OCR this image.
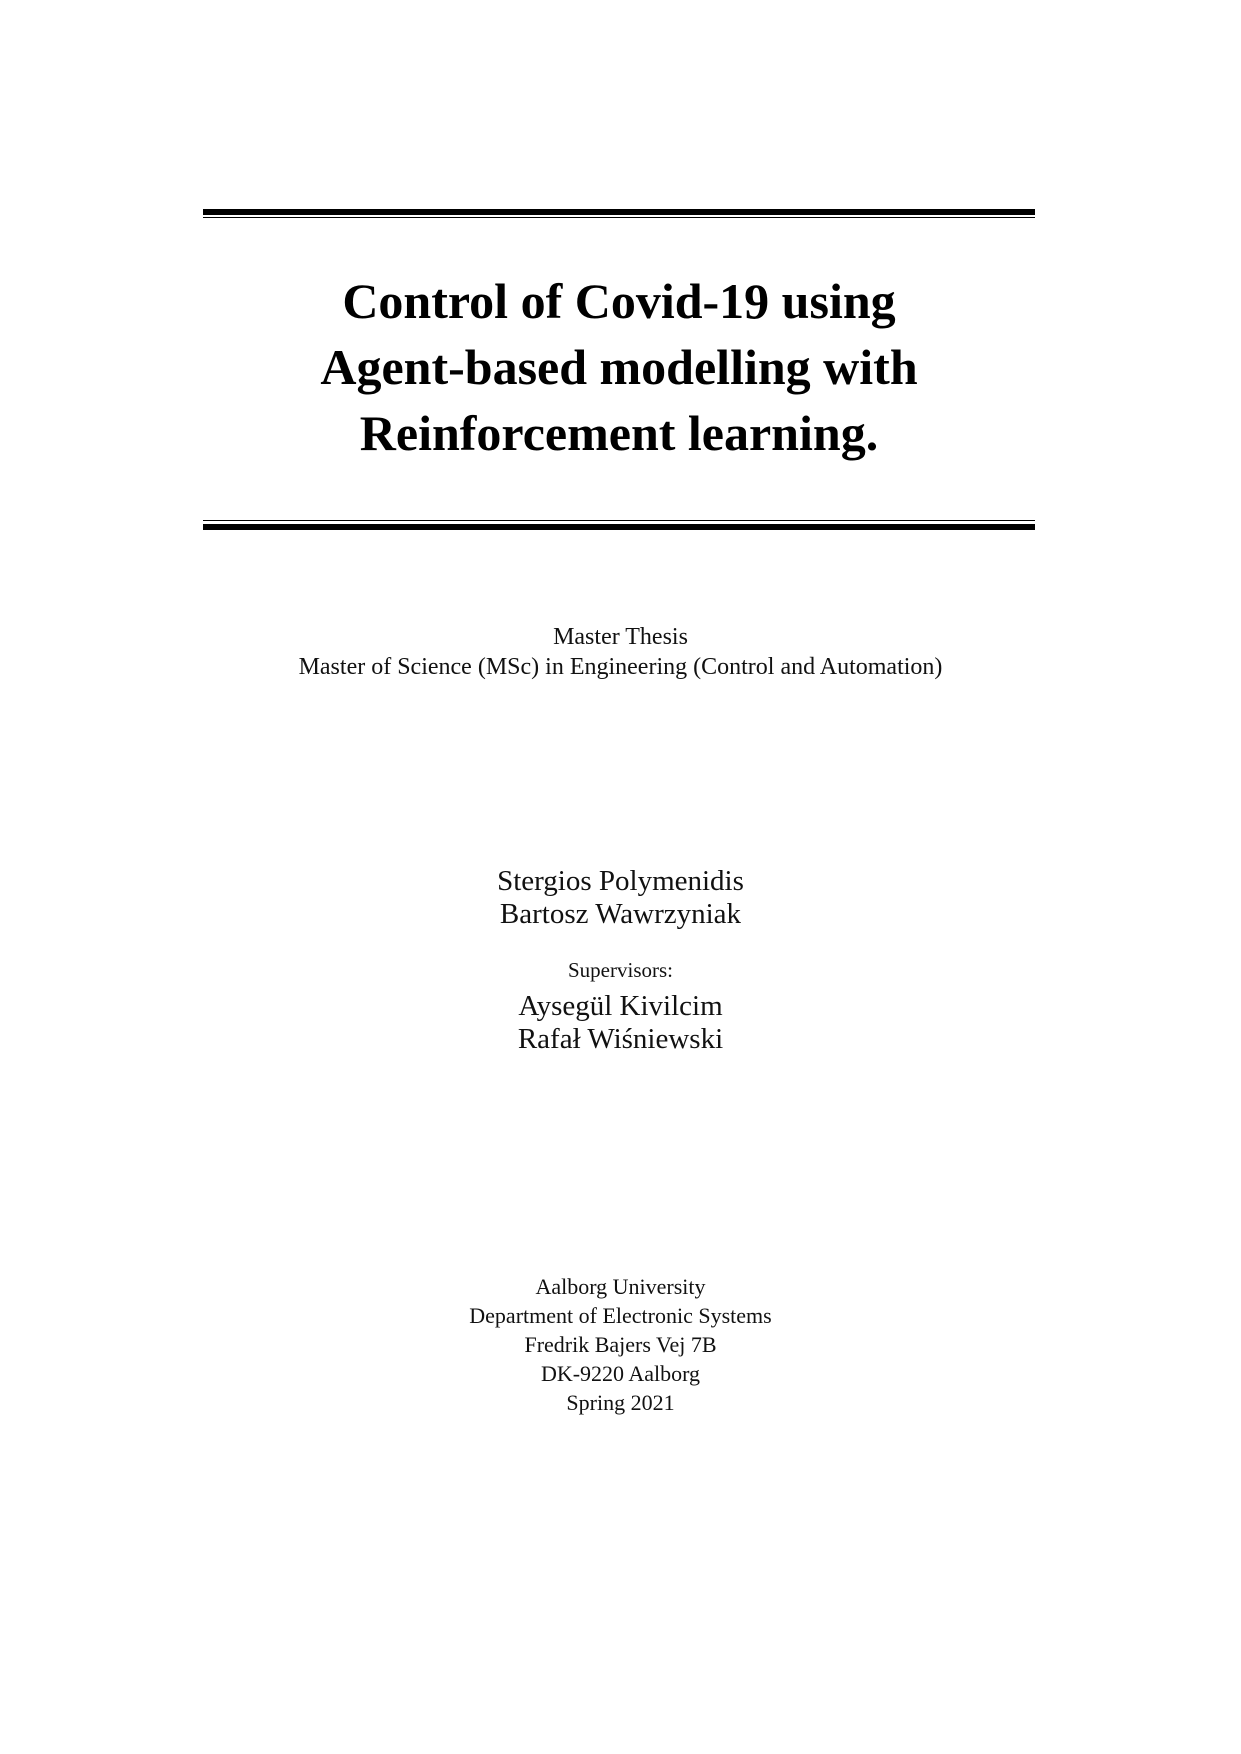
Control of Covid-19 using
Agent-based modelling with
Reinforcement learning.
Master Thesis
Master of Science (MSc) in Engineering (Control and Automation)
Stergios Polymenidis
Bartosz Wawrzyniak
Supervisors:
Aysegül Kivilcim
Rafał Wiśniewski
Aalborg University
Department of Electronic Systems
Fredrik Bajers Vej 7B
DK-9220 Aalborg
Spring 2021
